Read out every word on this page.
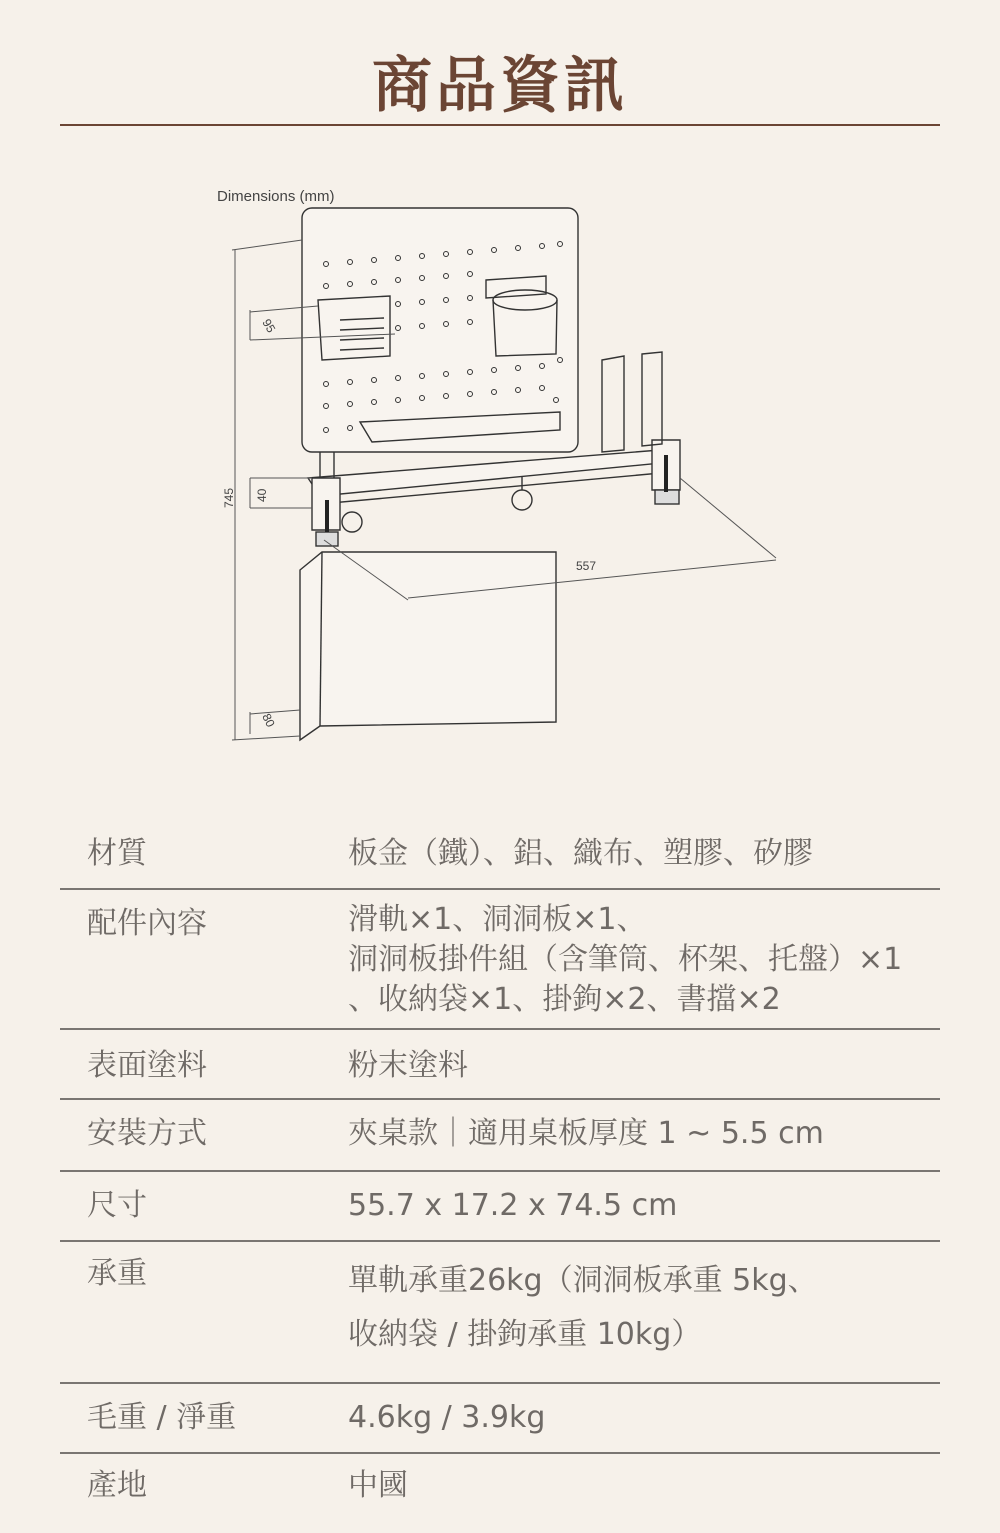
商品資訊
Dimensions (mm)
745
95
40
557
80
材質	板金（鐵）、鋁、織布、塑膠、矽膠
配件內容	滑軌×1、洞洞板×1、
洞洞板掛件組（含筆筒、杯架、托盤）×1
、收納袋×1、掛鉤×2、書擋×2
表面塗料	粉末塗料
安裝方式	夾桌款｜適用桌板厚度 1 ~ 5.5 cm
尺寸	55.7 x 17.2 x 74.5 cm
承重	單軌承重26kg（洞洞板承重 5kg、
收納袋 / 掛鉤承重 10kg）
毛重 / 淨重	4.6kg / 3.9kg
產地	中國
